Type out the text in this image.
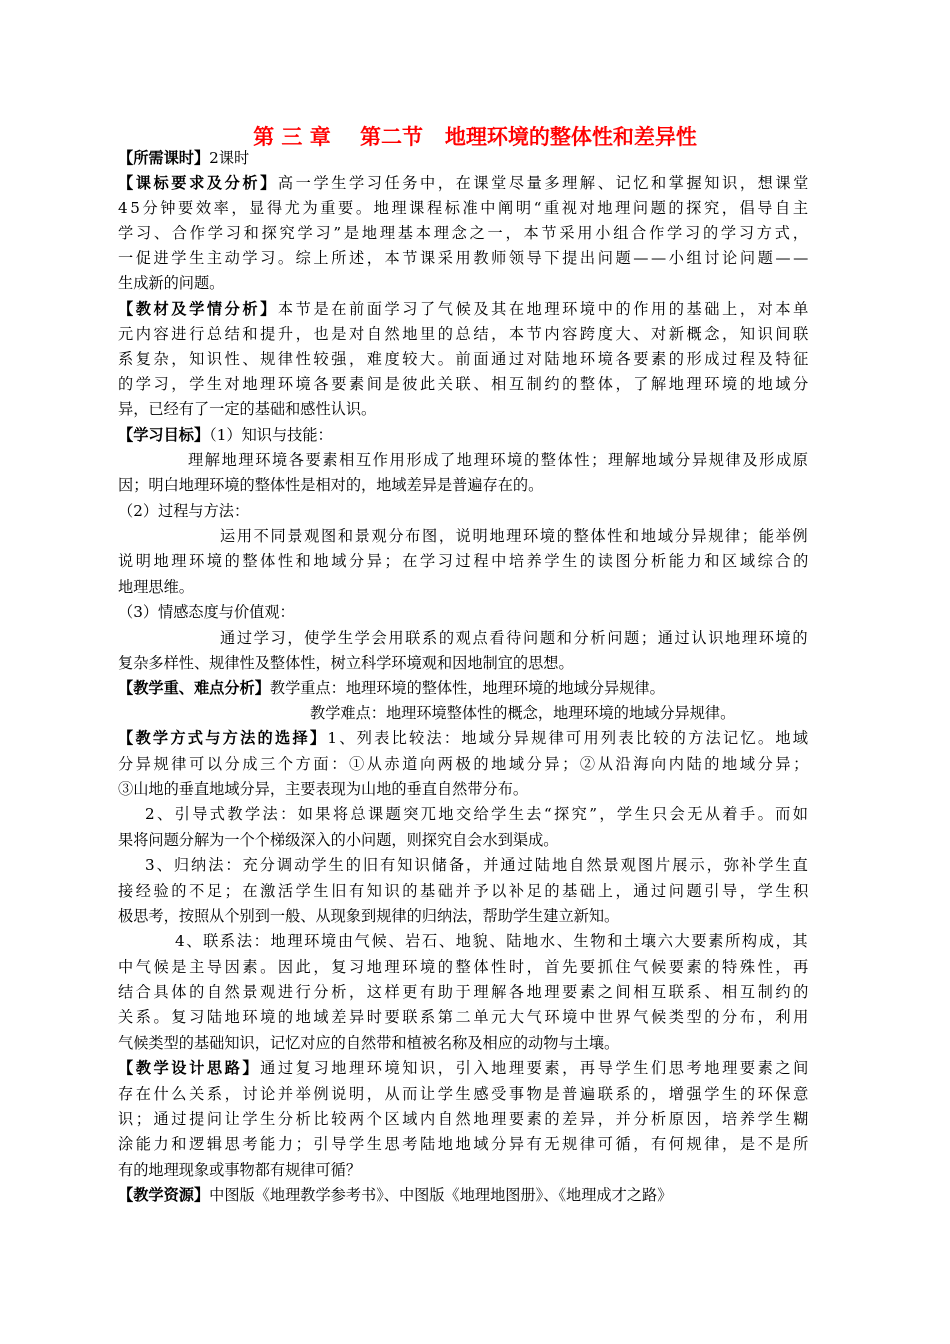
第 三 章    第二节   地理环境的整体性和差异性
【所需课时】2课时
【课标要求及分析】高一学生学习任务中，在课堂尽量多理解、记忆和掌握知识，想课堂
45分钟要效率，显得尤为重要。地理课程标准中阐明“重视对地理问题的探究，倡导自主
学习、合作学习和探究学习”是地理基本理念之一，本节采用小组合作学习的学习方式，
一促进学生主动学习。综上所述，本节课采用教师领导下提出问题——小组讨论问题——
生成新的问题。
【教材及学情分析】本节是在前面学习了气候及其在地理环境中的作用的基础上，对本单
元内容进行总结和提升，也是对自然地里的总结，本节内容跨度大、对新概念，知识间联
系复杂，知识性、规律性较强，难度较大。前面通过对陆地环境各要素的形成过程及特征
的学习，学生对地理环境各要素间是彼此关联、相互制约的整体，了解地理环境的地域分
异，已经有了一定的基础和感性认识。
【学习目标】（1）知识与技能：
理解地理环境各要素相互作用形成了地理环境的整体性；理解地域分异规律及形成原
因；明白地理环境的整体性是相对的，地域差异是普遍存在的。
（2）过程与方法：
运用不同景观图和景观分布图，说明地理环境的整体性和地域分异规律；能举例
说明地理环境的整体性和地域分异；在学习过程中培养学生的读图分析能力和区域综合的
地理思维。
（3）情感态度与价值观：
通过学习，使学生学会用联系的观点看待问题和分析问题；通过认识地理环境的
复杂多样性、规律性及整体性，树立科学环境观和因地制宜的思想。
【教学重、难点分析】教学重点：地理环境的整体性，地理环境的地域分异规律。
教学难点：地理环境整体性的概念，地理环境的地域分异规律。
【教学方式与方法的选择】1、列表比较法：地域分异规律可用列表比较的方法记忆。地域
分异规律可以分成三个方面：①从赤道向两极的地域分异；②从沿海向内陆的地域分异；
③山地的垂直地域分异，主要表现为山地的垂直自然带分布。
2、引导式教学法：如果将总课题突兀地交给学生去“探究”，学生只会无从着手。而如
果将问题分解为一个个梯级深入的小问题，则探究自会水到渠成。
3、归纳法：充分调动学生的旧有知识储备，并通过陆地自然景观图片展示，弥补学生直
接经验的不足；在激活学生旧有知识的基础并予以补足的基础上，通过问题引导，学生积
极思考，按照从个别到一般、从现象到规律的归纳法，帮助学生建立新知。
4、联系法：地理环境由气候、岩石、地貌、陆地水、生物和土壤六大要素所构成，其
中气候是主导因素。因此，复习地理环境的整体性时，首先要抓住气候要素的特殊性，再
结合具体的自然景观进行分析，这样更有助于理解各地理要素之间相互联系、相互制约的
关系。复习陆地环境的地域差异时要联系第二单元大气环境中世界气候类型的分布，利用
气候类型的基础知识，记忆对应的自然带和植被名称及相应的动物与土壤。
【教学设计思路】通过复习地理环境知识，引入地理要素，再导学生们思考地理要素之间
存在什么关系，讨论并举例说明，从而让学生感受事物是普遍联系的，增强学生的环保意
识；通过提问让学生分析比较两个区域内自然地理要素的差异，并分析原因，培养学生糊
涂能力和逻辑思考能力；引导学生思考陆地地域分异有无规律可循，有何规律，是不是所
有的地理现象或事物都有规律可循？
【教学资源】中图版《地理教学参考书》、中图版《地理地图册》、《地理成才之路》
